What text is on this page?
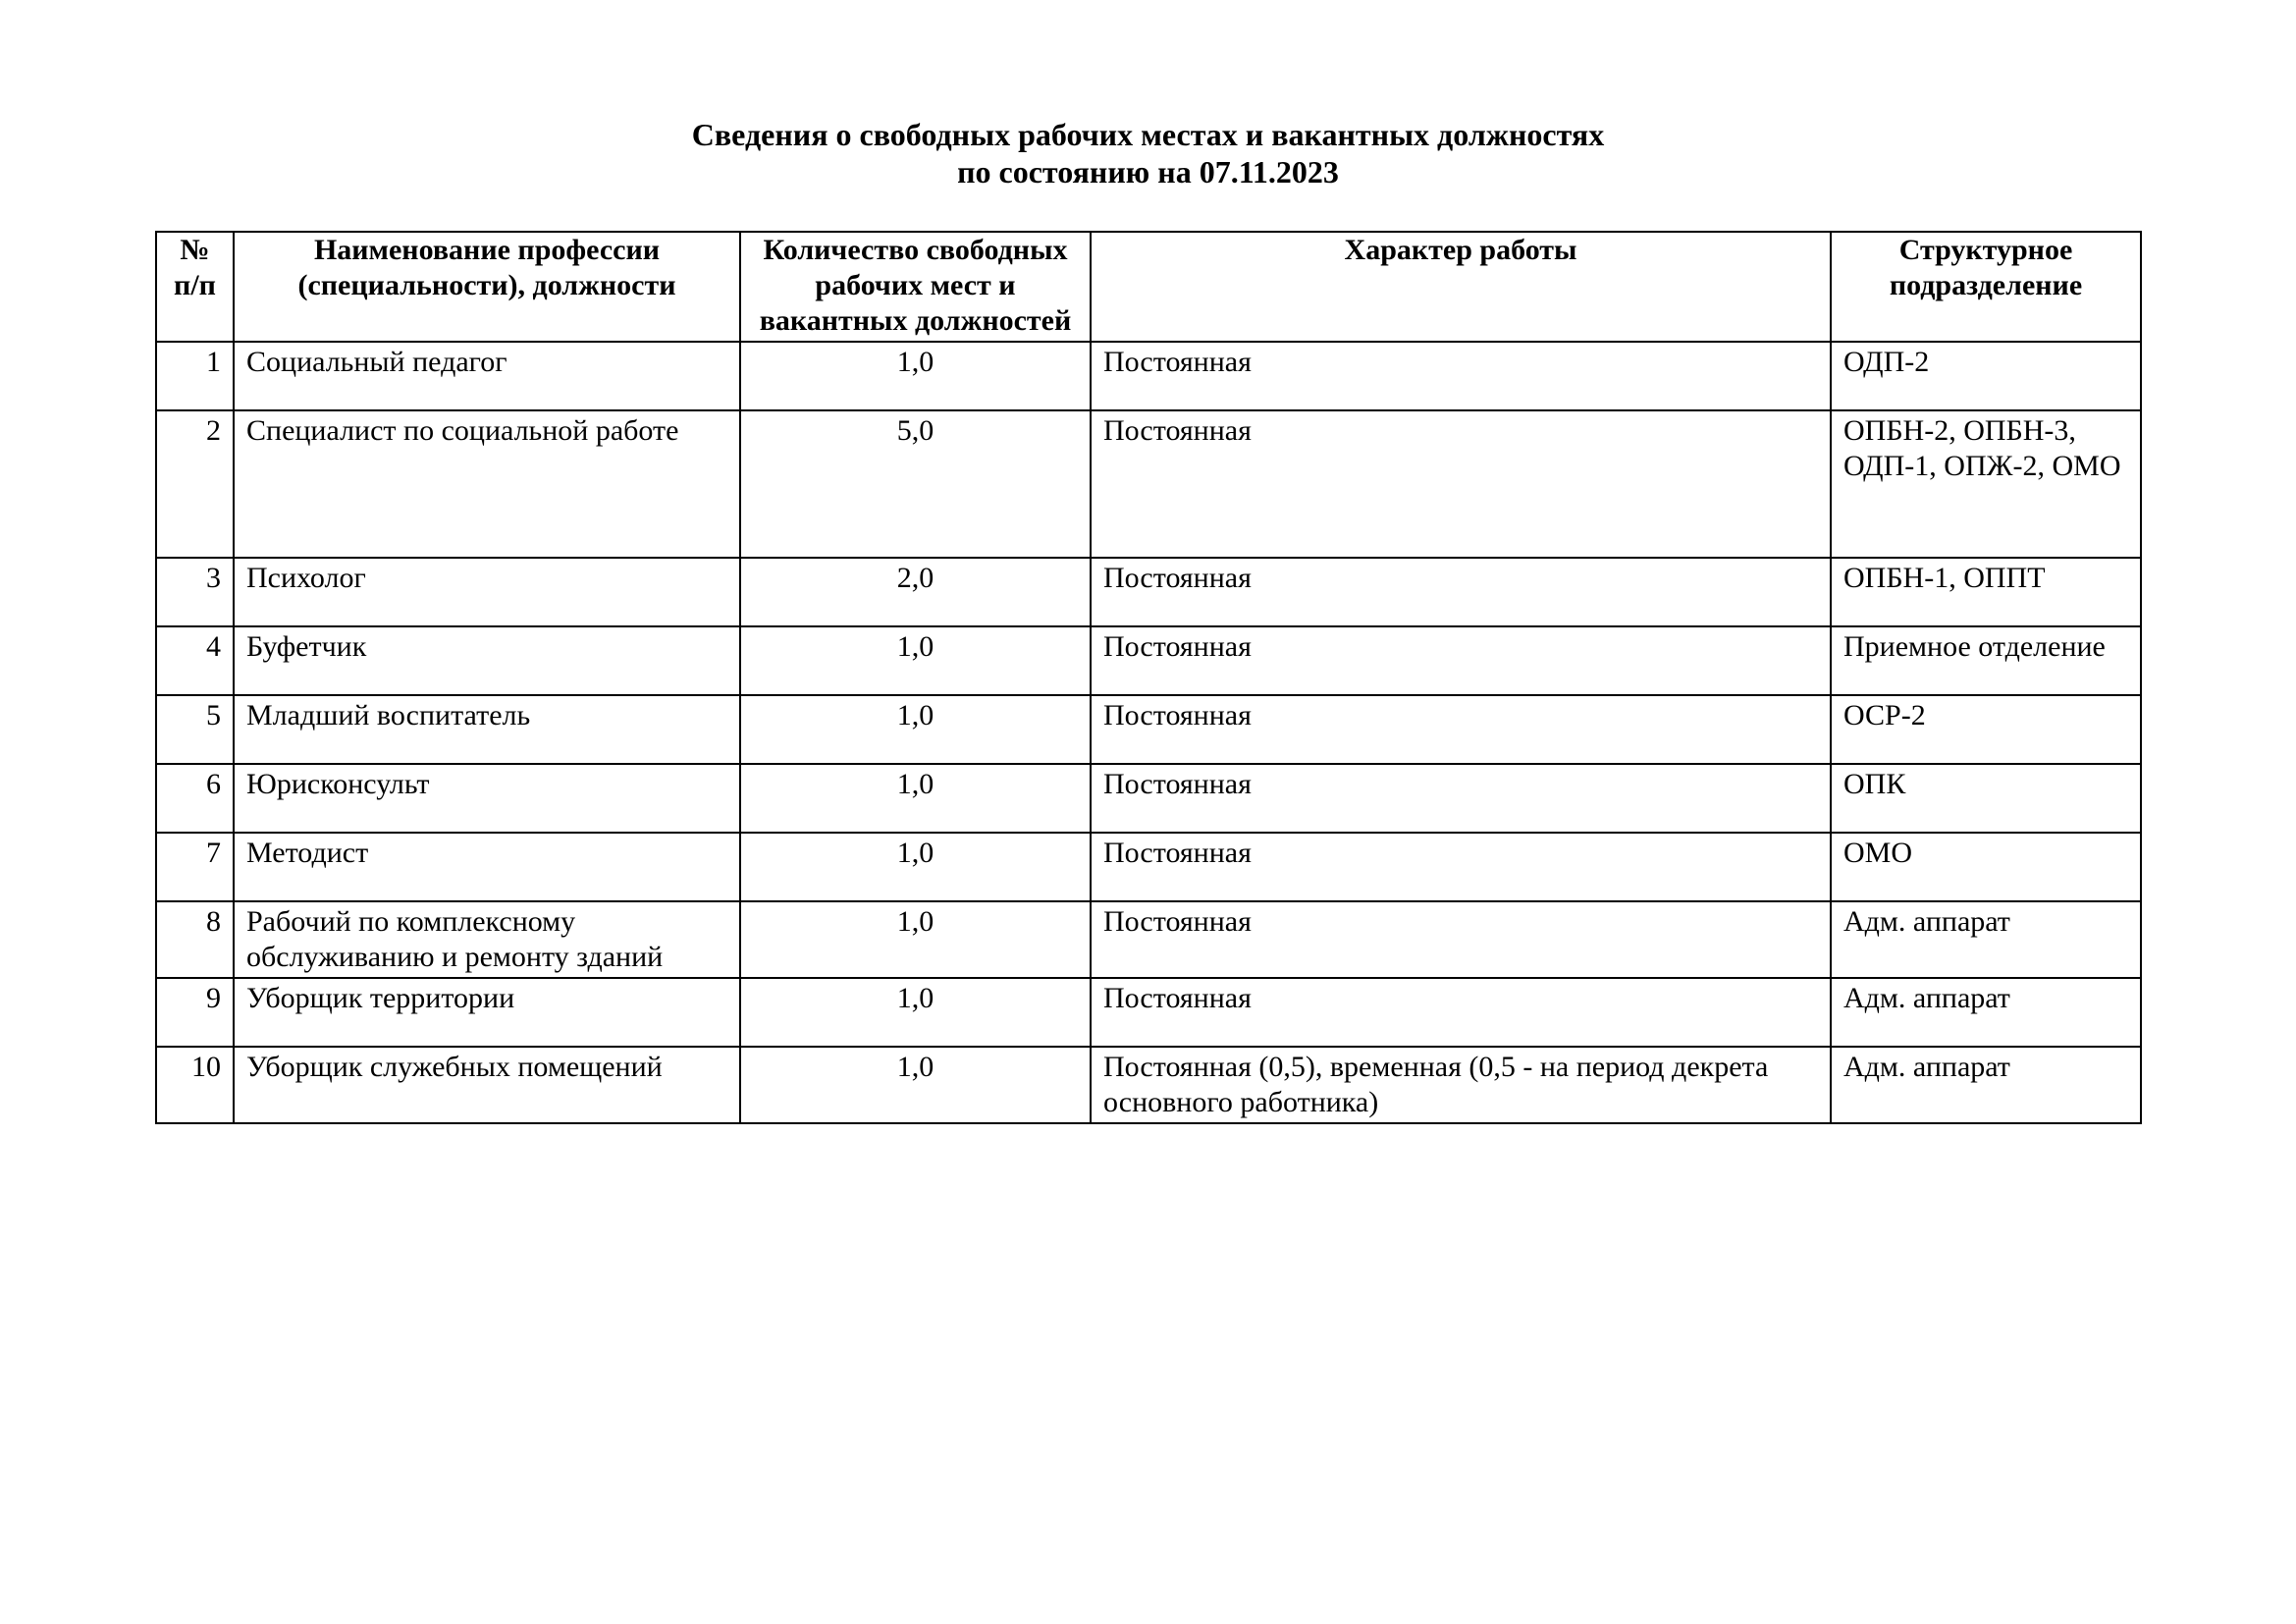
Сведения о свободных рабочих местах и вакантных должностях
по состоянию на 07.11.2023
№ п/п	Наименование профессии (специальности), должности	Количество свободных рабочих мест и вакантных должностей	Характер работы	Структурное подразделение
1	Социальный педагог	1,0	Постоянная	ОДП-2
2	Специалист по социальной работе	5,0	Постоянная	ОПБН-2, ОПБН-3, ОДП-1, ОПЖ-2, ОМО
3	Психолог	2,0	Постоянная	ОПБН-1, ОППТ
4	Буфетчик	1,0	Постоянная	Приемное отделение
5	Младший воспитатель	1,0	Постоянная	ОСР-2
6	Юрисконсульт	1,0	Постоянная	ОПК
7	Методист	1,0	Постоянная	ОМО
8	Рабочий по комплексному обслуживанию и ремонту зданий	1,0	Постоянная	Адм. аппарат
9	Уборщик территории	1,0	Постоянная	Адм. аппарат
10	Уборщик служебных помещений	1,0	Постоянная (0,5), временная (0,5 - на период декрета основного работника)	Адм. аппарат
